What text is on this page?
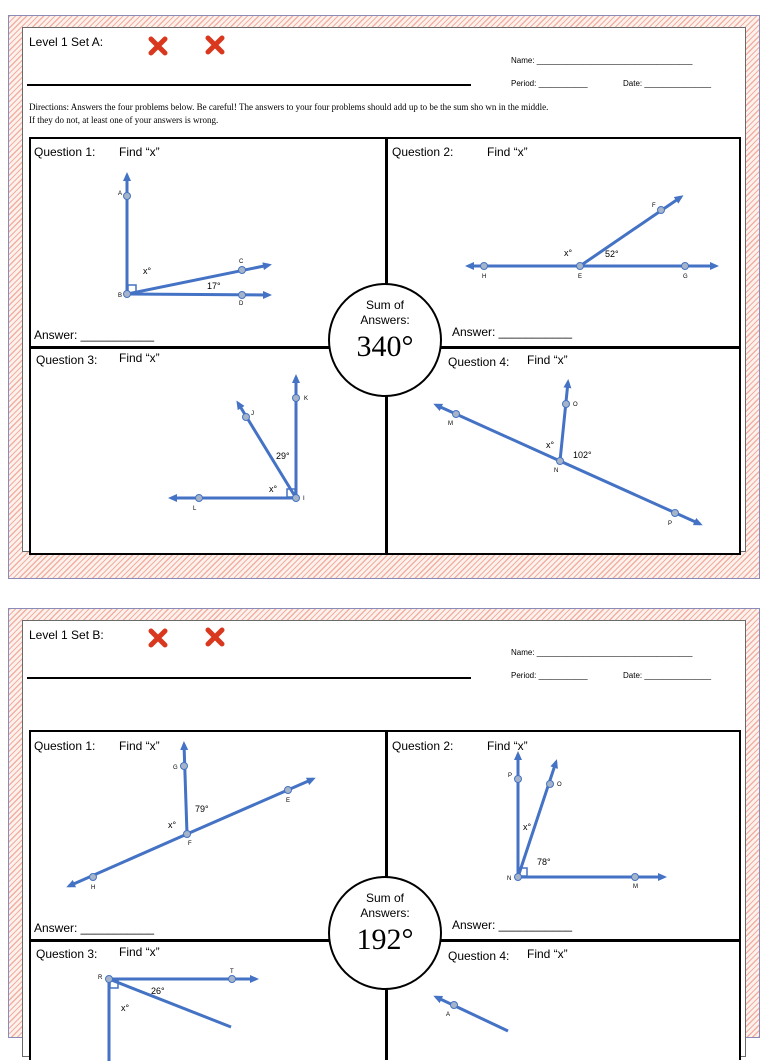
Level 1 Set A:
Name: ___________________________________
Period: ___________	Date: _______________
Directions: Answers the four problems below. Be careful! The answers to your four problems should add up to be the sum sho wn in the middle.
If they do not, at least one of your answers is wrong.
Question 1: Find “x”
Answer: ___________
A
B
C
D
x°
17°
Question 2:	Find “x”
Answer: ___________
F
H	E	G
x°	52°
Question 3: Find “x”
J
K
L
I
29°
x°
Question 4: Find “x”
O
M
N
P
x°
102°
Sum of
Answers:
340°
Level 1 Set B:
Name: ___________________________________
Period: ___________	Date: _______________
Question 1: Find “x”
Answer: ___________
G
E
F
H
79°
x°
Question 2:	Find “x”
Answer: ___________
P
O
N
M
x°
78°
Question 3: Find “x”
R
T
26°
x°
Question 4: Find “x”
A
Sum of
Answers:
192°
